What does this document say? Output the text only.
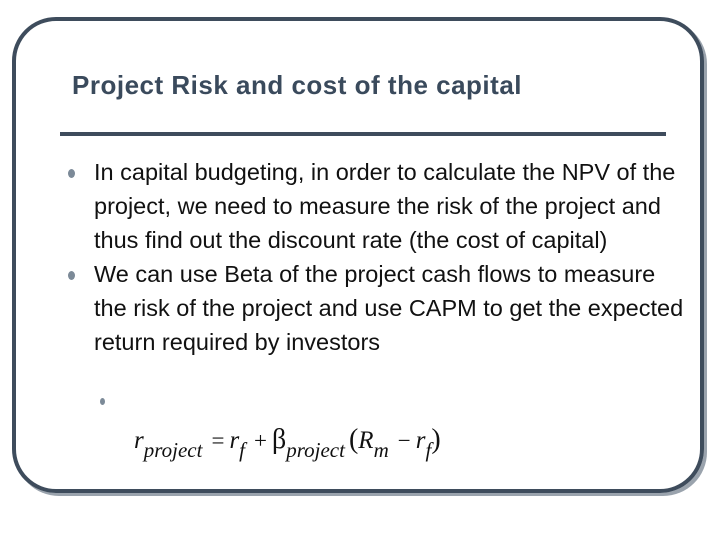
Project Risk and cost of the capital
In capital budgeting, in order to calculate the NPV of the project, we need to measure the risk of the project and thus find out the discount rate (the cost of capital)
We can use Beta of the project cash flows to measure the risk of the project and use CAPM to get the expected return required by investors
rproject = rf + βproject (Rm − rf)
